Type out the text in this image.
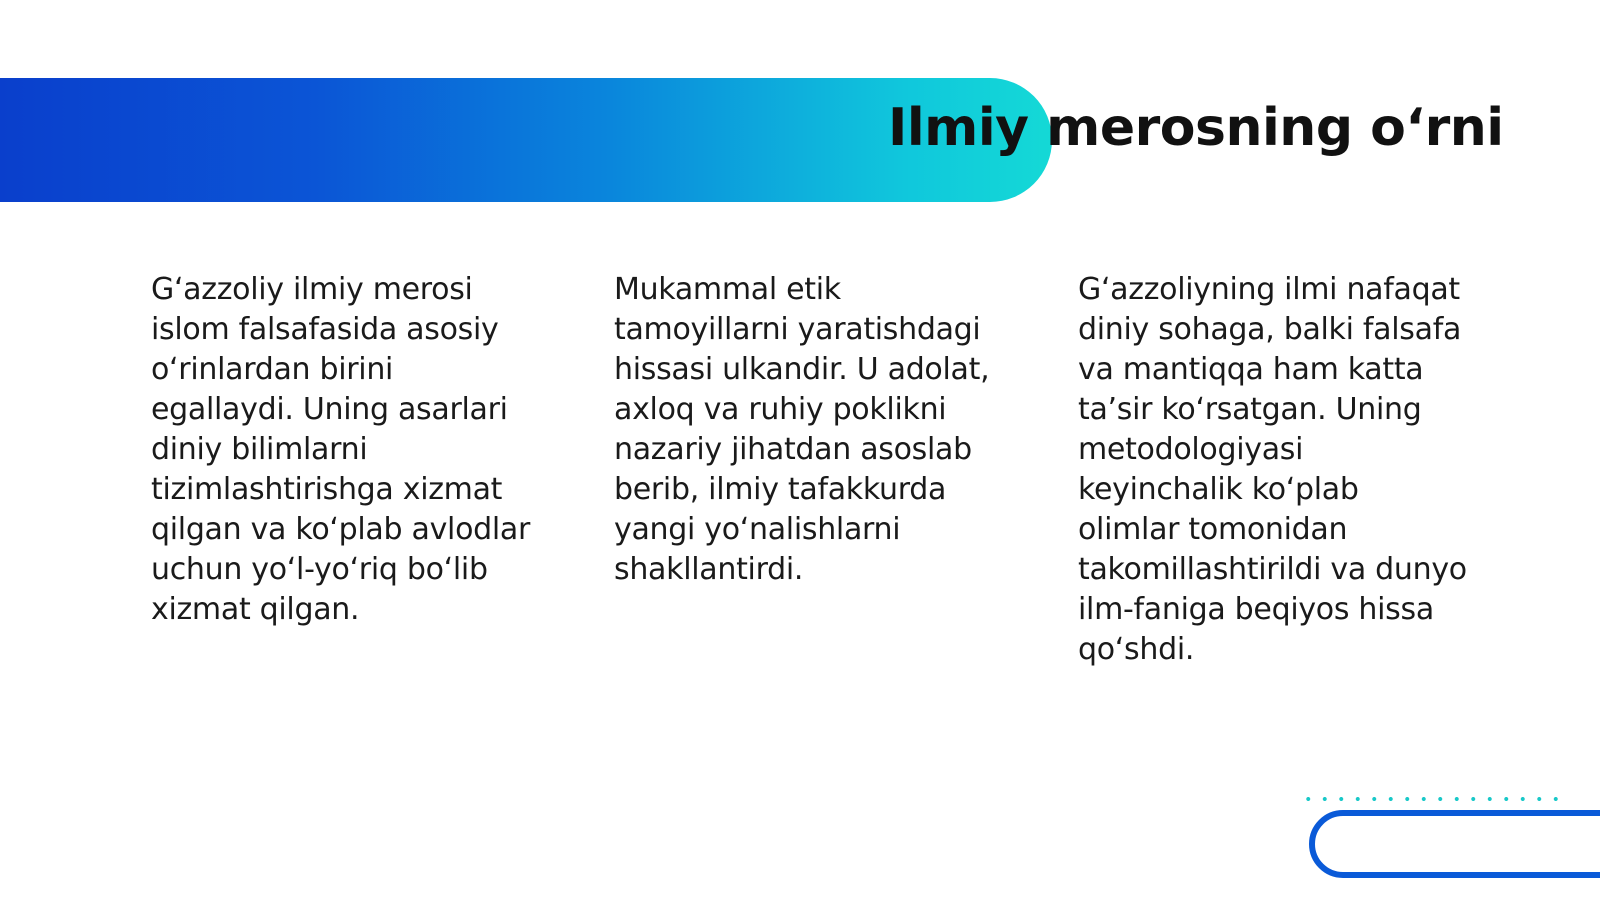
Ilmiy merosning o‘rni

G‘azzoliy ilmiy merosi islom falsafasida asosiy o‘rinlardan birini egallaydi. Uning asarlari diniy bilimlarni tizimlashtirishga xizmat qilgan va ko‘plab avlodlar uchun yo‘l-yo‘riq bo‘lib xizmat qilgan.

Mukammal etik tamoyillarni yaratishdagi hissasi ulkandir. U adolat, axloq va ruhiy poklikni nazariy jihatdan asoslab berib, ilmiy tafakkurda yangi yo‘nalishlarni shakllantirdi.

G‘azzoliyning ilmi nafaqat diniy sohaga, balki falsafa va mantiqqa ham katta ta’sir ko‘rsatgan. Uning metodologiyasi keyinchalik ko‘plab olimlar tomonidan takomillashtirildi va dunyo ilm-faniga beqiyos hissa qo‘shdi.
